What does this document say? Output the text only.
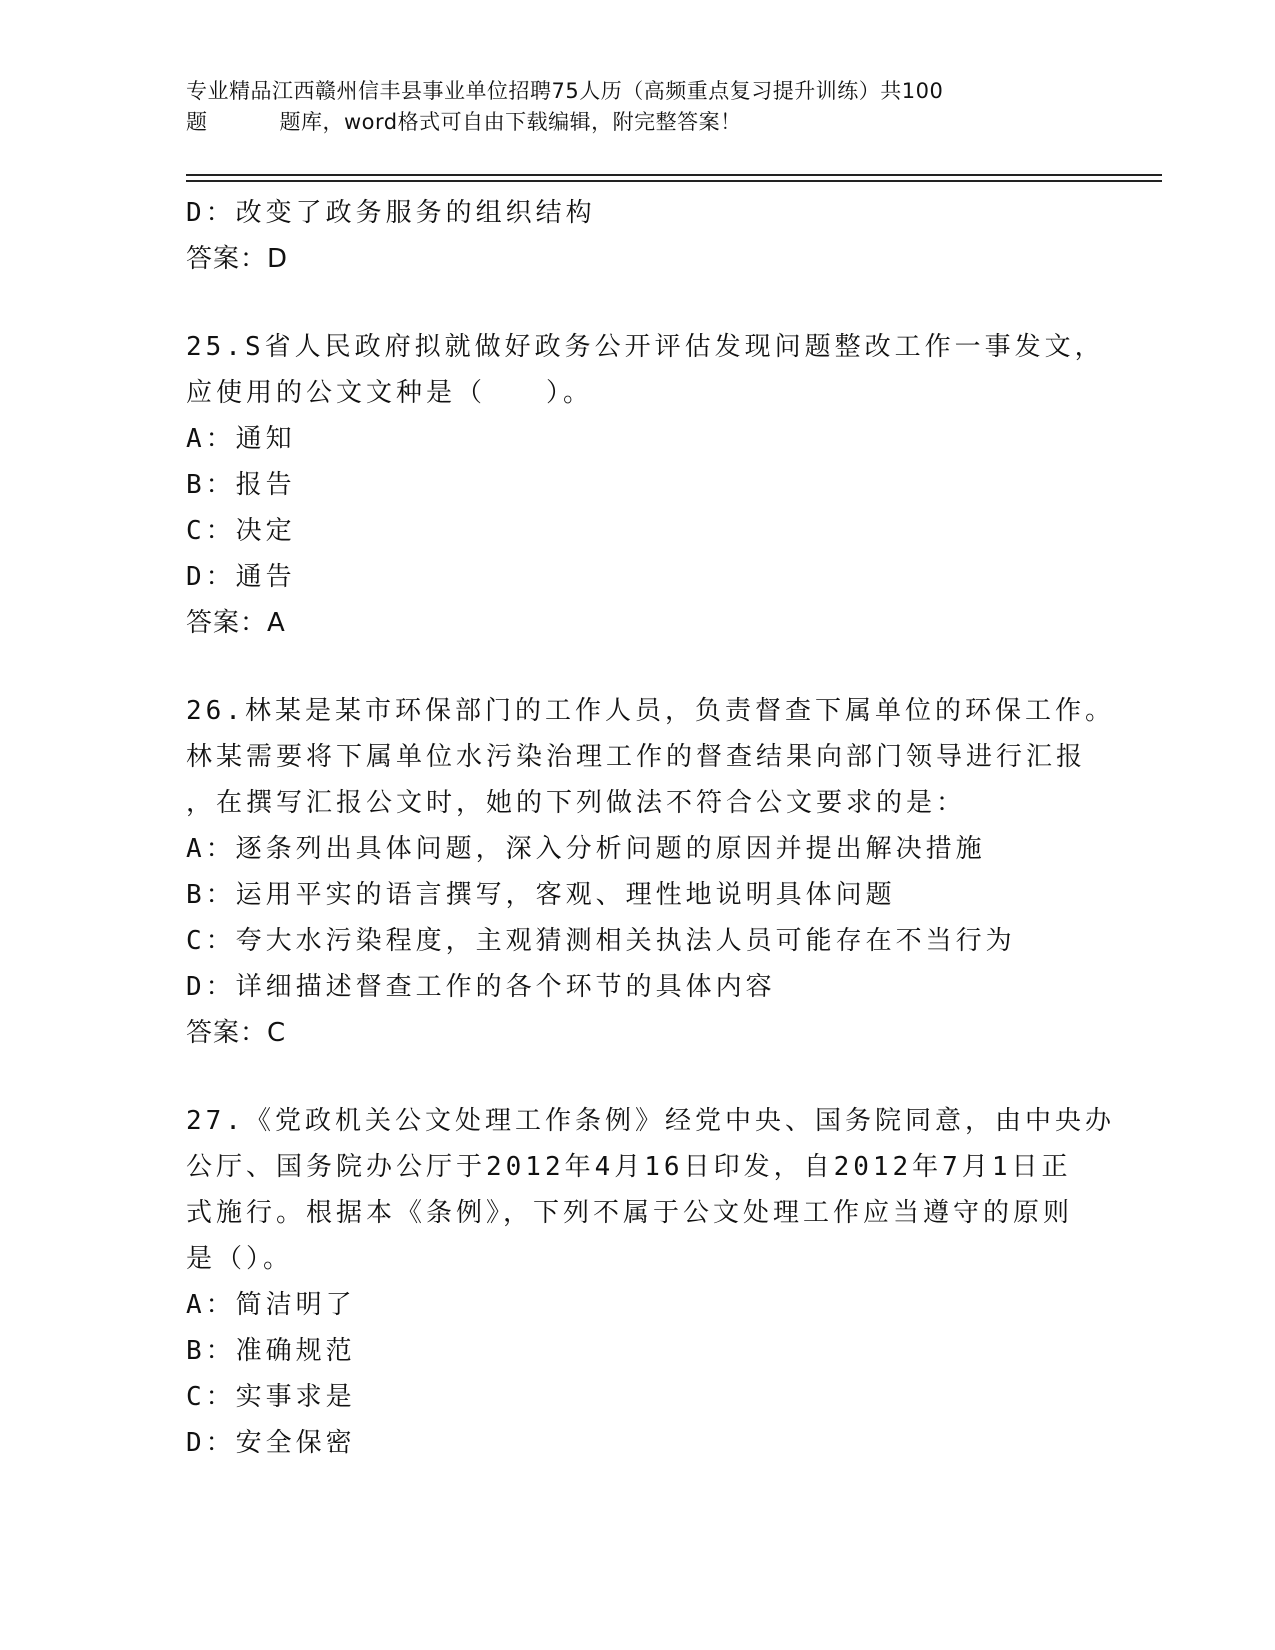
专业精品江西赣州信丰县事业单位招聘75人历（高频重点复习提升训练）共100
题	题库，word格式可自由下载编辑，附完整答案！
D：改变了政务服务的组织结构
答案：D
25.S省人民政府拟就做好政务公开评估发现问题整改工作一事发文，
应使用的公文文种是（　　）。
A：通知
B：报告
C：决定
D：通告
答案：A
26.林某是某市环保部门的工作人员，负责督查下属单位的环保工作。
林某需要将下属单位水污染治理工作的督查结果向部门领导进行汇报
，在撰写汇报公文时，她的下列做法不符合公文要求的是：
A：逐条列出具体问题，深入分析问题的原因并提出解决措施
B：运用平实的语言撰写，客观、理性地说明具体问题
C：夸大水污染程度，主观猜测相关执法人员可能存在不当行为
D：详细描述督查工作的各个环节的具体内容
答案：C
27.《党政机关公文处理工作条例》经党中央、国务院同意，由中央办
公厅、国务院办公厅于2012年4月16日印发，自2012年7月1日正
式施行。根据本《条例》，下列不属于公文处理工作应当遵守的原则
是（）。
A：简洁明了
B：准确规范
C：实事求是
D：安全保密
